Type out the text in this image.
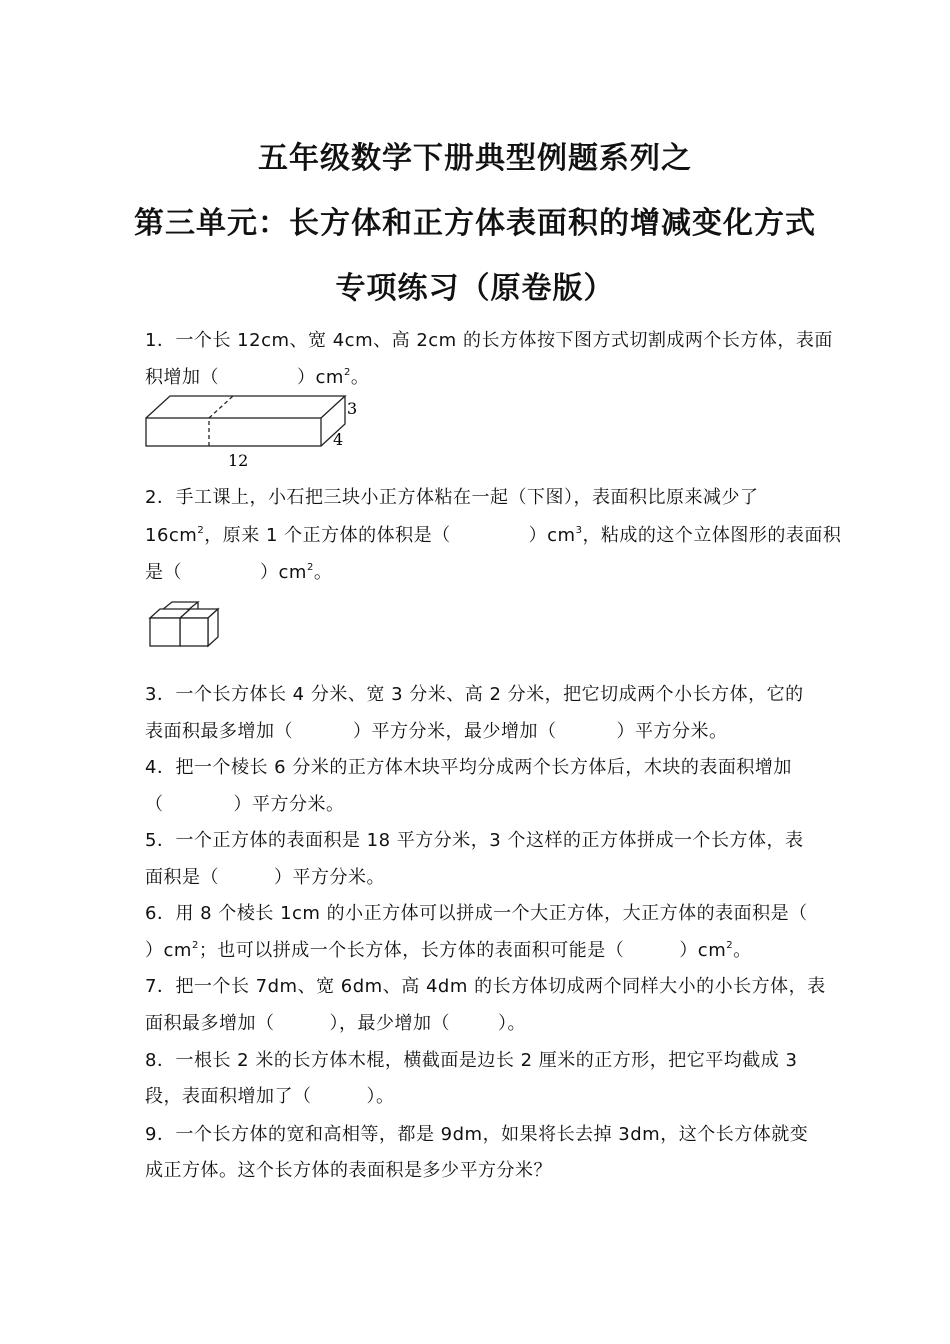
五年级数学下册典型例题系列之
第三单元：长方体和正方体表面积的增减变化方式
专项练习（原卷版）
1．一个长 12cm、宽 4cm、高 2cm 的长方体按下图方式切割成两个长方体，表面
积增加（	）$cm^2$。
3
4
12
2．手工课上，小石把三块小正方体粘在一起（下图），表面积比原来减少了
$16cm^2$，原来 1 个正方体的体积是（	）$cm^3$，粘成的这个立体图形的表面积
是（	）$cm^2$。
3．一个长方体长 4 分米、宽 3 分米、高 2 分米，把它切成两个小长方体，它的
表面积最多增加（	）平方分米，最少增加（	）平方分米。
4．把一个棱长 6 分米的正方体木块平均分成两个长方体后，木块的表面积增加
（	）平方分米。
5．一个正方体的表面积是 18 平方分米，3 个这样的正方体拼成一个长方体，表
面积是（	）平方分米。
6．用 8 个棱长 1cm 的小正方体可以拼成一个大正方体，大正方体的表面积是（
）$cm^2$；也可以拼成一个长方体，长方体的表面积可能是（	）$cm^2$。
7．把一个长 7dm、宽 6dm、高 4dm 的长方体切成两个同样大小的小长方体，表
面积最多增加（	），最少增加（	）。
8．一根长 2 米的长方体木棍，横截面是边长 2 厘米的正方形，把它平均截成 3
段，表面积增加了（	）。
9．一个长方体的宽和高相等，都是 9dm，如果将长去掉 3dm，这个长方体就变
成正方体。这个长方体的表面积是多少平方分米？
